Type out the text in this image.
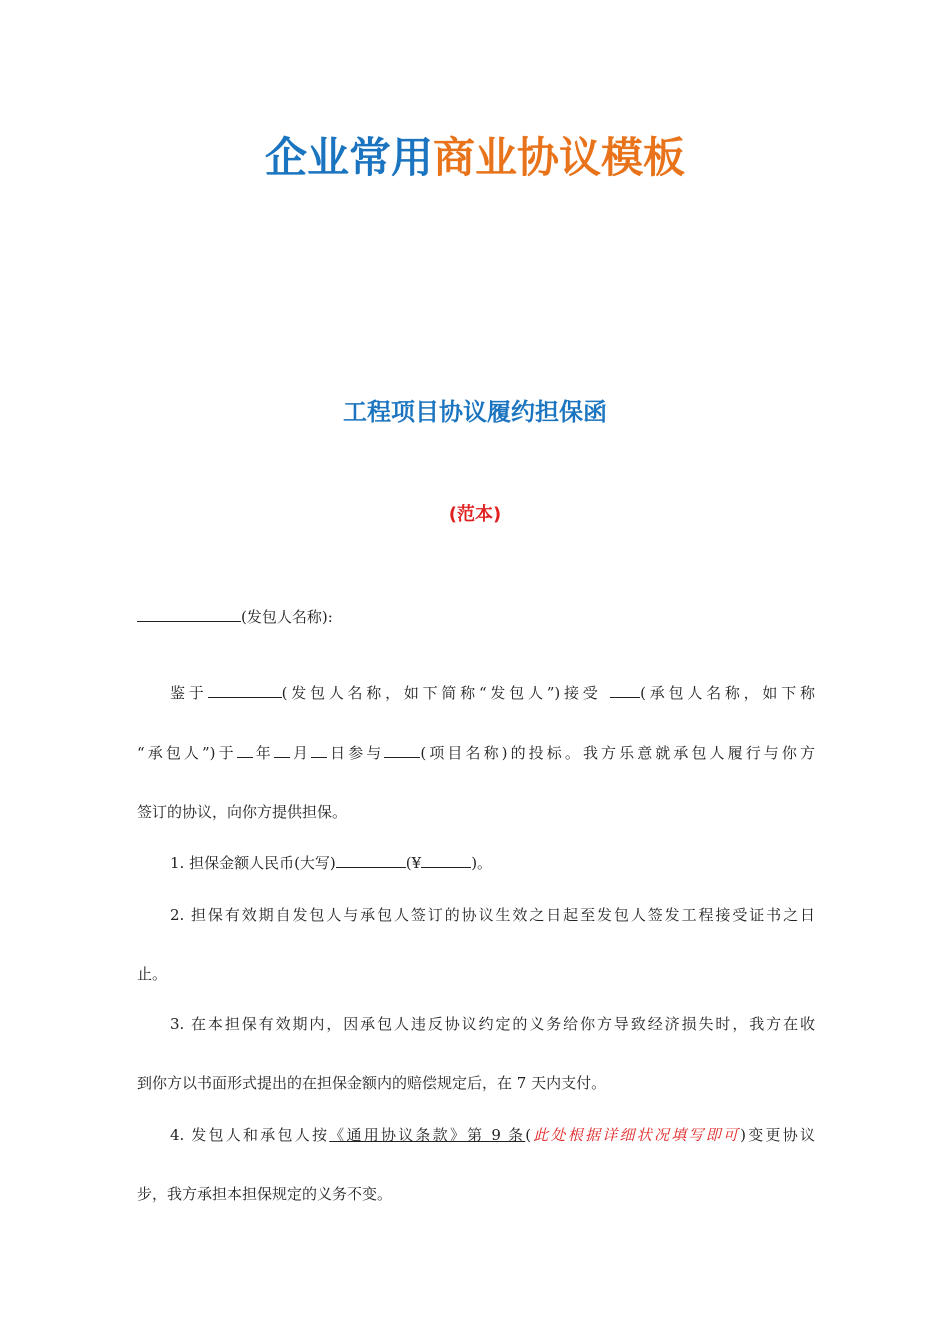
企业常用商业协议模板
工程项目协议履约担保函
(范本)
(发包人名称):
鉴于	(发包人名称，如下简称“发包人”)接受	(承包人名称，如下称
“承包人”)于 年 月 日参与 (项目名称)的投标。我方乐意就承包人履行与你方
签订的协议，向你方提供担保。
1. 担保金额人民币(大写)	(¥	)。
2. 担保有效期自发包人与承包人签订的协议生效之日起至发包人签发工程接受证书之日
止。
3. 在本担保有效期内，因承包人违反协议约定的义务给你方导致经济损失时，我方在收
到你方以书面形式提出的在担保金额内的赔偿规定后，在 7 天内支付。
4. 发包人和承包人按《通用协议条款》第 9 条(此处根据详细状况填写即可)变更协议
步，我方承担本担保规定的义务不变。
